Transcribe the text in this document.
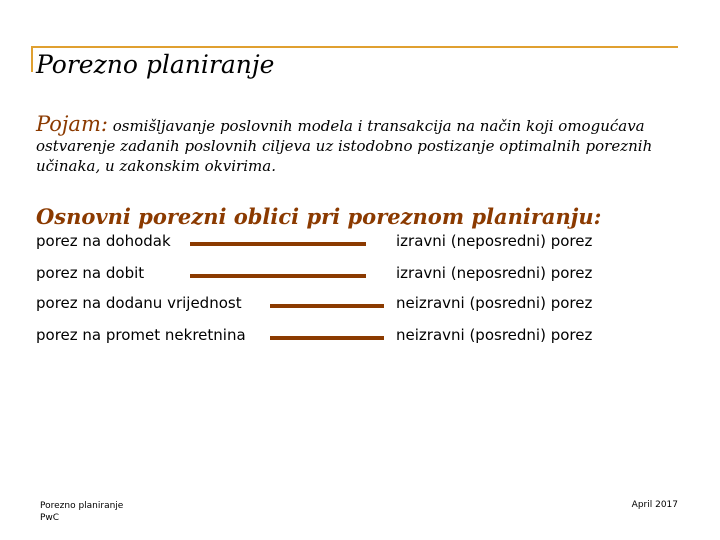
Porezno planiranje
Pojam: osmišljavanje poslovnih modela i transakcija na način koji omogućava ostvarenje zadanih poslovnih ciljeva uz istodobno postizanje optimalnih poreznih učinaka, u zakonskim okvirima.
Osnovni porezni oblici pri poreznom planiranju:
porez na dohodak	izravni (neposredni) porez
porez na dobit	izravni (neposredni) porez
porez na dodanu vrijednost	neizravni (posredni) porez
porez na promet nekretnina	neizravni (posredni) porez
Porezno planiranje
PwC
April 2017
